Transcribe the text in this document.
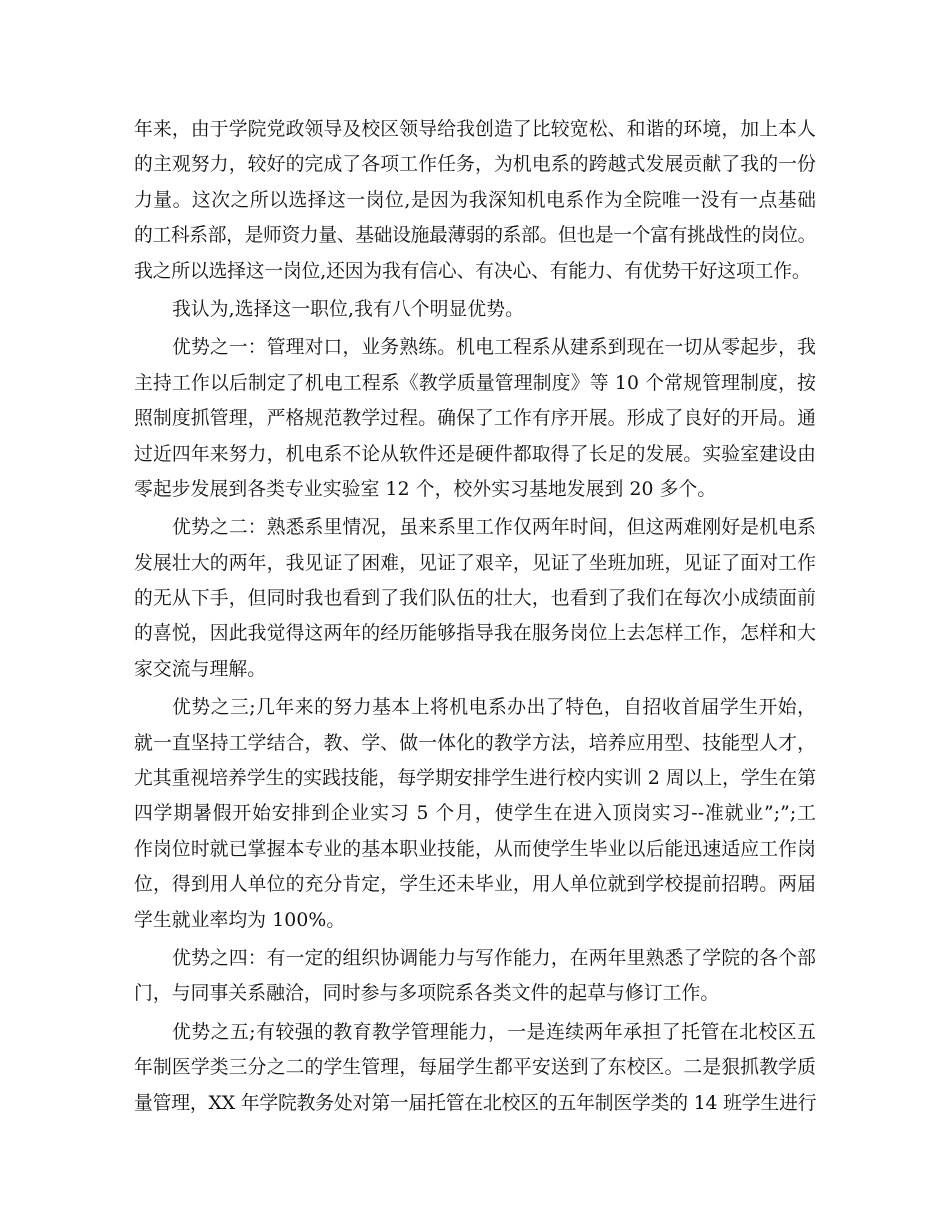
年来，由于学院党政领导及校区领导给我创造了比较宽松、和谐的环境，加上本人
的主观努力，较好的完成了各项工作任务，为机电系的跨越式发展贡献了我的一份
力量。这次之所以选择这一岗位,是因为我深知机电系作为全院唯一没有一点基础
的工科系部，是师资力量、基础设施最薄弱的系部。但也是一个富有挑战性的岗位。
我之所以选择这一岗位,还因为我有信心、有决心、有能力、有优势干好这项工作。
我认为,选择这一职位,我有八个明显优势。
优势之一：管理对口，业务熟练。机电工程系从建系到现在一切从零起步，我
主持工作以后制定了机电工程系《教学质量管理制度》等 10 个常规管理制度，按
照制度抓管理，严格规范教学过程。确保了工作有序开展。形成了良好的开局。通
过近四年来努力，机电系不论从软件还是硬件都取得了长足的发展。实验室建设由
零起步发展到各类专业实验室 12 个，校外实习基地发展到 20 多个。
优势之二：熟悉系里情况，虽来系里工作仅两年时间，但这两难刚好是机电系
发展壮大的两年，我见证了困难，见证了艰辛，见证了坐班加班，见证了面对工作
的无从下手，但同时我也看到了我们队伍的壮大，也看到了我们在每次小成绩面前
的喜悦，因此我觉得这两年的经历能够指导我在服务岗位上去怎样工作，怎样和大
家交流与理解。
优势之三;几年来的努力基本上将机电系办出了特色，自招收首届学生开始，
就一直坚持工学结合，教、学、做一体化的教学方法，培养应用型、技能型人才，
尤其重视培养学生的实践技能，每学期安排学生进行校内实训 2 周以上，学生在第
四学期暑假开始安排到企业实习 5 个月，使学生在进入顶岗实习--准就业”;”;工
作岗位时就已掌握本专业的基本职业技能，从而使学生毕业以后能迅速适应工作岗
位，得到用人单位的充分肯定，学生还未毕业，用人单位就到学校提前招聘。两届
学生就业率均为 100%。
优势之四：有一定的组织协调能力与写作能力，在两年里熟悉了学院的各个部
门，与同事关系融洽，同时参与多项院系各类文件的起草与修订工作。
优势之五;有较强的教育教学管理能力，一是连续两年承担了托管在北校区五
年制医学类三分之二的学生管理，每届学生都平安送到了东校区。二是狠抓教学质
量管理，XX 年学院教务处对第一届托管在北校区的五年制医学类的 14 班学生进行
